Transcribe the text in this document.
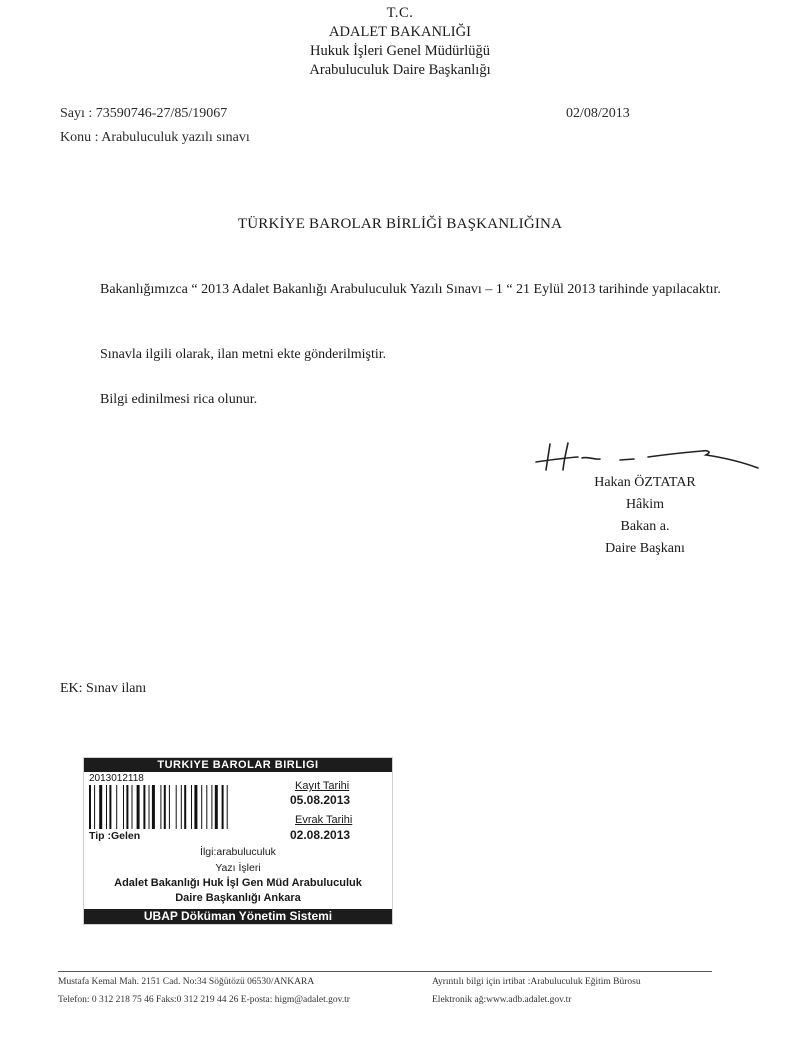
T.C.
ADALET BAKANLIĞI
Hukuk İşleri Genel Müdürlüğü
Arabuluculuk Daire Başkanlığı
Sayı : 73590746-27/85/19067	02/08/2013
Konu : Arabuluculuk yazılı sınavı
TÜRKİYE BAROLAR BİRLİĞİ BAŞKANLIĞINA
Bakanlığımızca “ 2013 Adalet Bakanlığı Arabuluculuk Yazılı Sınavı – 1 “ 21 Eylül 2013 tarihinde yapılacaktır.
Sınavla ilgili olarak, ilan metni ekte gönderilmiştir.
Bilgi edinilmesi rica olunur.
Hakan ÖZTATAR
Hâkim
Bakan a.
Daire Başkanı
EK: Sınav ilanı
TURKIYE BAROLAR BIRLIGI
2013012118
Tip :Gelen
Kayıt Tarihi
05.08.2013
Evrak Tarihi
02.08.2013
İlgi:arabuluculuk
Yazı İşleri
Adalet Bakanlığı Huk İşl Gen Müd Arabuluculuk
Daire Başkanlığı Ankara
UBAP Döküman Yönetim Sistemi
Mustafa Kemal Mah. 2151 Cad. No:34 Söğütözü 06530/ANKARA	Ayrıntılı bilgi için irtibat :Arabuluculuk Eğitim Bürosu
Telefon: 0 312 218 75 46 Faks:0 312 219 44 26 E-posta: higm@adalet.gov.tr	Elektronik ağ:www.adb.adalet.gov.tr
